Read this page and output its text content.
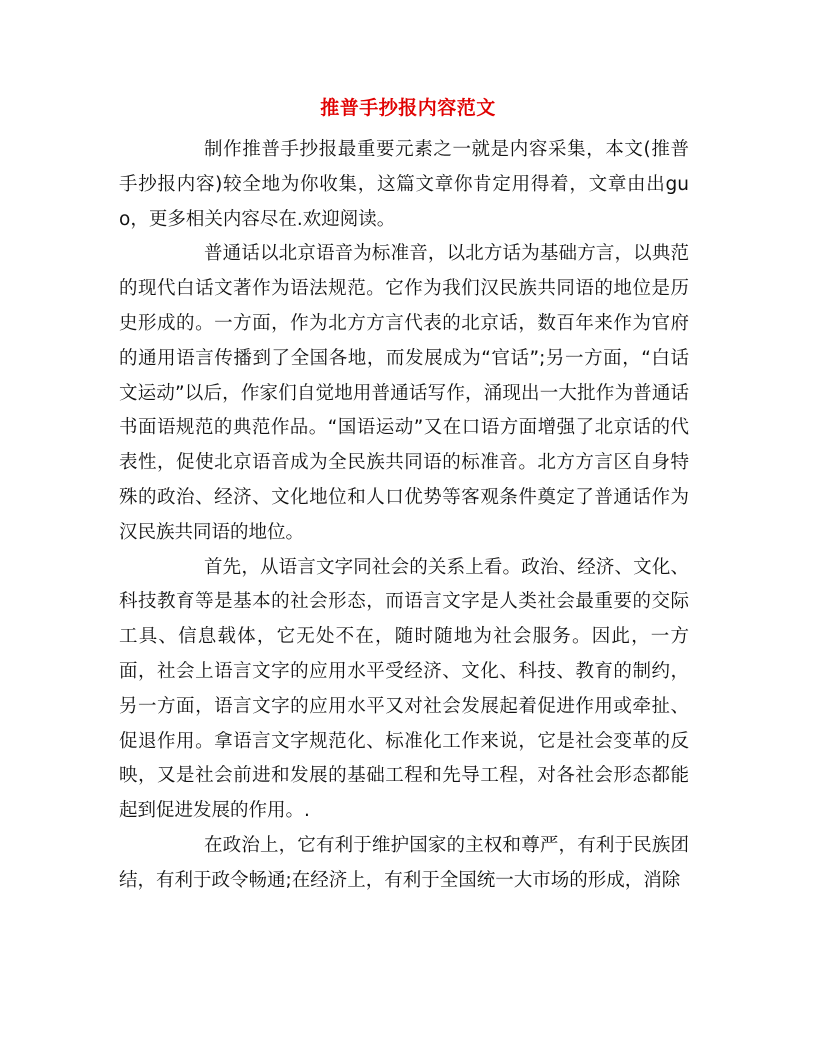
推普手抄报内容范文

制作推普手抄报最重要元素之一就是内容采集，本文(推普手抄报内容)较全地为你收集，这篇文章你肯定用得着，文章由出guo，更多相关内容尽在.欢迎阅读。

普通话以北京语音为标准音，以北方话为基础方言，以典范的现代白话文著作为语法规范。它作为我们汉民族共同语的地位是历史形成的。一方面，作为北方方言代表的北京话，数百年来作为官府的通用语言传播到了全国各地，而发展成为“官话”;另一方面，“白话文运动”以后，作家们自觉地用普通话写作，涌现出一大批作为普通话书面语规范的典范作品。“国语运动”又在口语方面增强了北京话的代表性，促使北京语音成为全民族共同语的标准音。北方方言区自身特殊的政治、经济、文化地位和人口优势等客观条件奠定了普通话作为汉民族共同语的地位。

首先，从语言文字同社会的关系上看。政治、经济、文化、科技教育等是基本的社会形态，而语言文字是人类社会最重要的交际工具、信息载体，它无处不在，随时随地为社会服务。因此，一方面，社会上语言文字的应用水平受经济、文化、科技、教育的制约，另一方面，语言文字的应用水平又对社会发展起着促进作用或牵扯、促退作用。拿语言文字规范化、标准化工作来说，它是社会变革的反映，又是社会前进和发展的基础工程和先导工程，对各社会形态都能起到促进发展的作用。.

在政治上，它有利于维护国家的主权和尊严，有利于民族团结，有利于政令畅通;在经济上，有利于全国统一大市场的形成，消除
